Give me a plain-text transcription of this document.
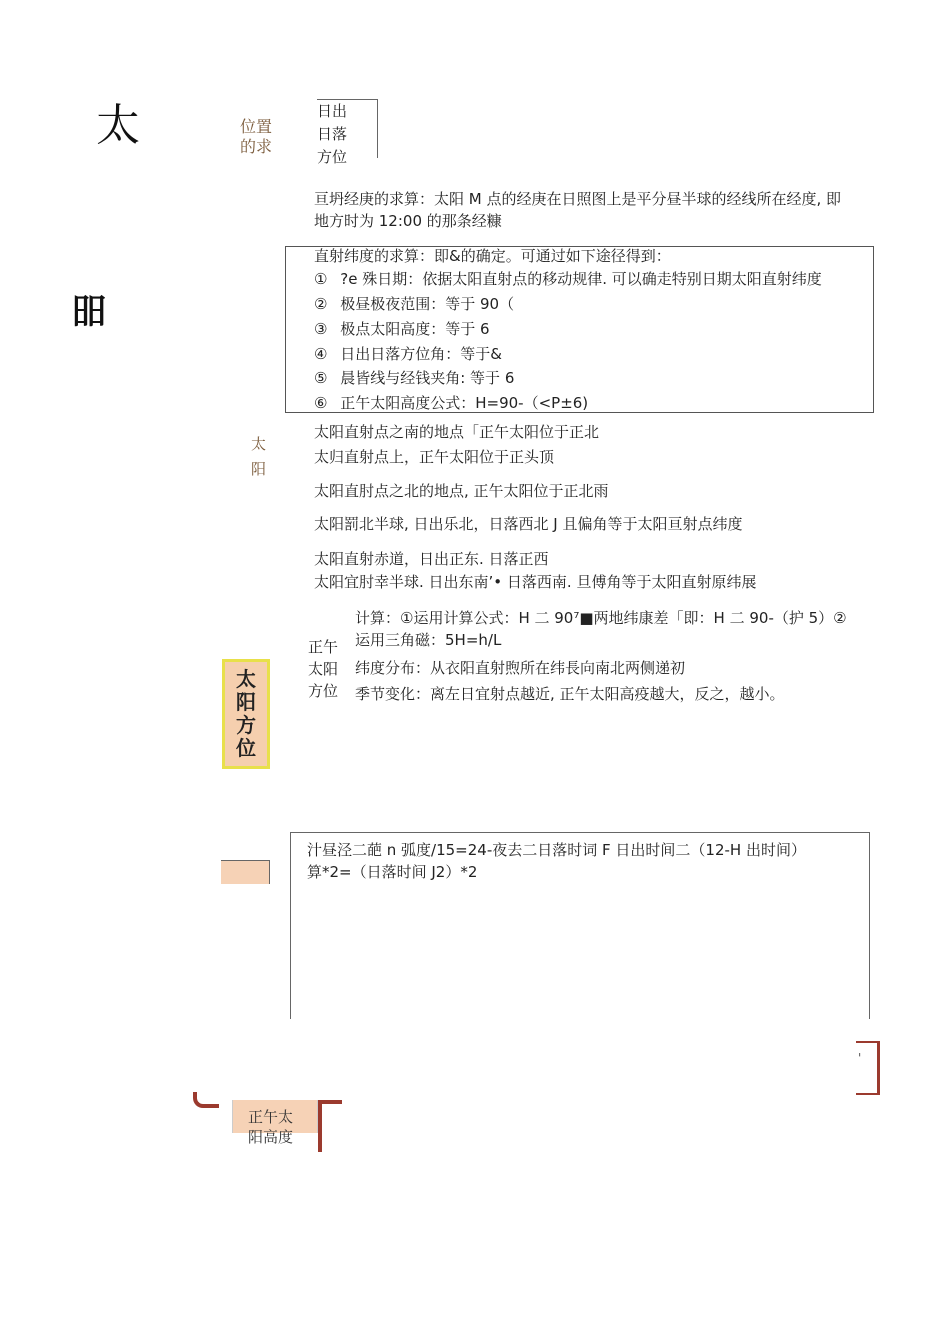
太
昍
位置
的求
日出
日落
方位
亘坍经庚的求算：太阳 M 点的经庚在日照图上是平分昼半球的经线所在经度, 即
地方时为 12:00 的那条经糠
直射纬度的求算：即&的确定。可通过如下途径得到：
① ?e 殊日期：依据太阳直射点的移动规律. 可以确走特别日期太阳直射纬度
② 极昼极夜范围：等于 90（
③ 极点太阳高度：等于 6
④ 日出日落方位角：等于&
⑤ 晨皆线与经钱夹角: 等于 6
⑥ 正午太阳高度公式：H=90-（<P±6)
太
阳
太阳直射点之南的地点「正午太阳位于正北
太归直射点上，正午太阳位于正头顶
太阳直肘点之北的地点, 正午太阳位于正北雨
太阳罰北半球, 日出乐北，日落西北 J 且偏角等于太阳亘射点纬度
太阳直射赤道，日出正东. 日落正西
太阳宜肘幸半球. 日出东南’• 日落西南. 旦傅角等于太阳直射原纬展
正午
太阳
方位
计算：①运用计算公式：H 二 90⁷■两地纬康差「即：H 二 90-（护 5）②
运用三角磁：5H=h/L
纬度分布：从衣阳直射煦所在纬長向南北两侧递初
季节变化：离左日宜射点越近, 正午太阳高疫越大，反之，越小。
太
阳
方
位
汁昼泾二葩 n 弧度/15=24-夜去二日落时词 F 日出时间二（12-H 出时间）
算*2=（日落时间 J2）*2
'
正午太
阳高度
